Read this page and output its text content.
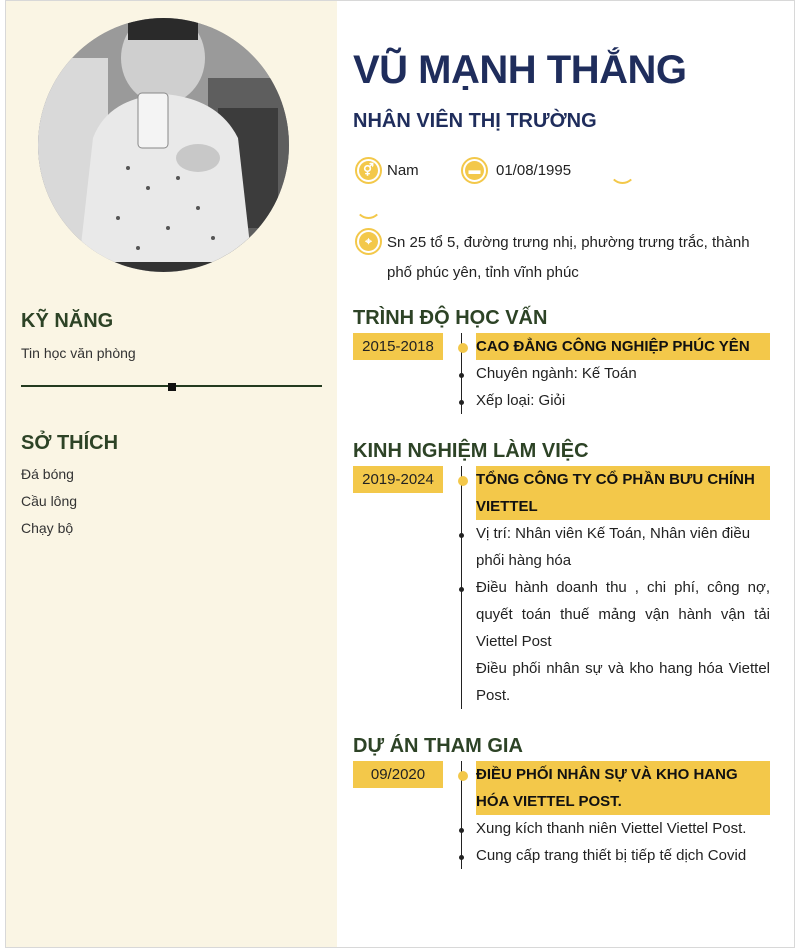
KỸ NĂNG
Tin học văn phòng
SỞ THÍCH
Đá bóng
Cầu lông
Chạy bộ
VŨ MẠNH THẮNG
NHÂN VIÊN THỊ TRƯỜNG
⚥ Nam	▬ 01/08/1995
⌖	Sn 25 tổ 5, đường trưng nhị, phường trưng trắc, thành phố phúc yên, tỉnh vĩnh phúc
TRÌNH ĐỘ HỌC VẤN
2015-2018	CAO ĐẲNG CÔNG NGHIỆP PHÚC YÊN
Chuyên ngành: Kế Toán
Xếp loại: Giỏi
KINH NGHIỆM LÀM VIỆC
2019-2024	TỔNG CÔNG TY CỔ PHẦN BƯU CHÍNH VIETTEL
Vị trí: Nhân viên Kế Toán, Nhân viên điều phối hàng hóa
Điều hành doanh thu , chi phí, công nợ, quyết toán thuế mảng vận hành vận tải Viettel Post
Điều phối nhân sự và kho hang hóa Viettel Post.
DỰ ÁN THAM GIA
09/2020	ĐIỀU PHỐI NHÂN SỰ VÀ KHO HANG HÓA VIETTEL POST.
Xung kích thanh niên Viettel Viettel Post.
Cung cấp trang thiết bị tiếp tế dịch Covid
